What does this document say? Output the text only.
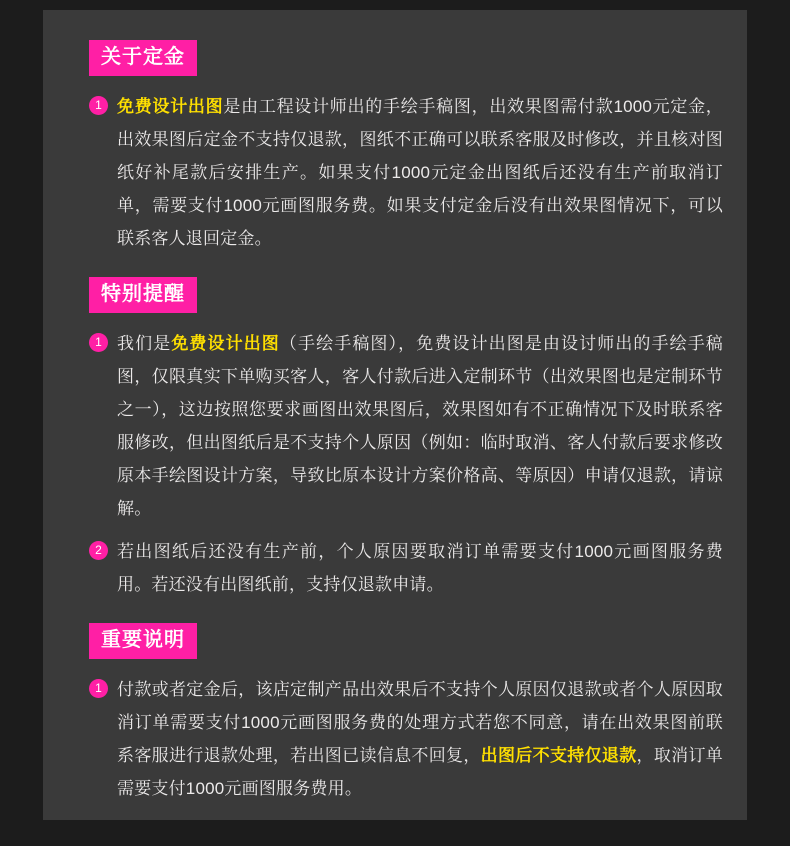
关于定金
1 免费设计出图是由工程设计师出的手绘手稿图，出效果图需付款1000元定金，出效果图后定金不支持仅退款，图纸不正确可以联系客服及时修改，并且核对图纸好补尾款后安排生产。如果支付1000元定金出图纸后还没有生产前取消订单，需要支付1000元画图服务费。如果支付定金后没有出效果图情况下，可以联系客人退回定金。

特别提醒
1 我们是免费设计出图（手绘手稿图），免费设计出图是由设讨师出的手绘手稿图，仅限真实下单购买客人，客人付款后进入定制环节（出效果图也是定制环节之一），这边按照您要求画图出效果图后，效果图如有不正确情况下及时联系客服修改，但出图纸后是不支持个人原因（例如：临时取消、客人付款后要求修改原本手绘图设计方案，导致比原本设计方案价格高、等原因）申请仅退款，请谅解。

2 若出图纸后还没有生产前，个人原因要取消订单需要支付1000元画图服务费用。若还没有出图纸前，支持仅退款申请。

重要说明
1 付款或者定金后，该店定制产品出效果后不支持个人原因仅退款或者个人原因取消订单需要支付1000元画图服务费的处理方式若您不同意，请在出效果图前联系客服进行退款处理，若出图已读信息不回复，出图后不支持仅退款，取消订单需要支付1000元画图服务费用。
